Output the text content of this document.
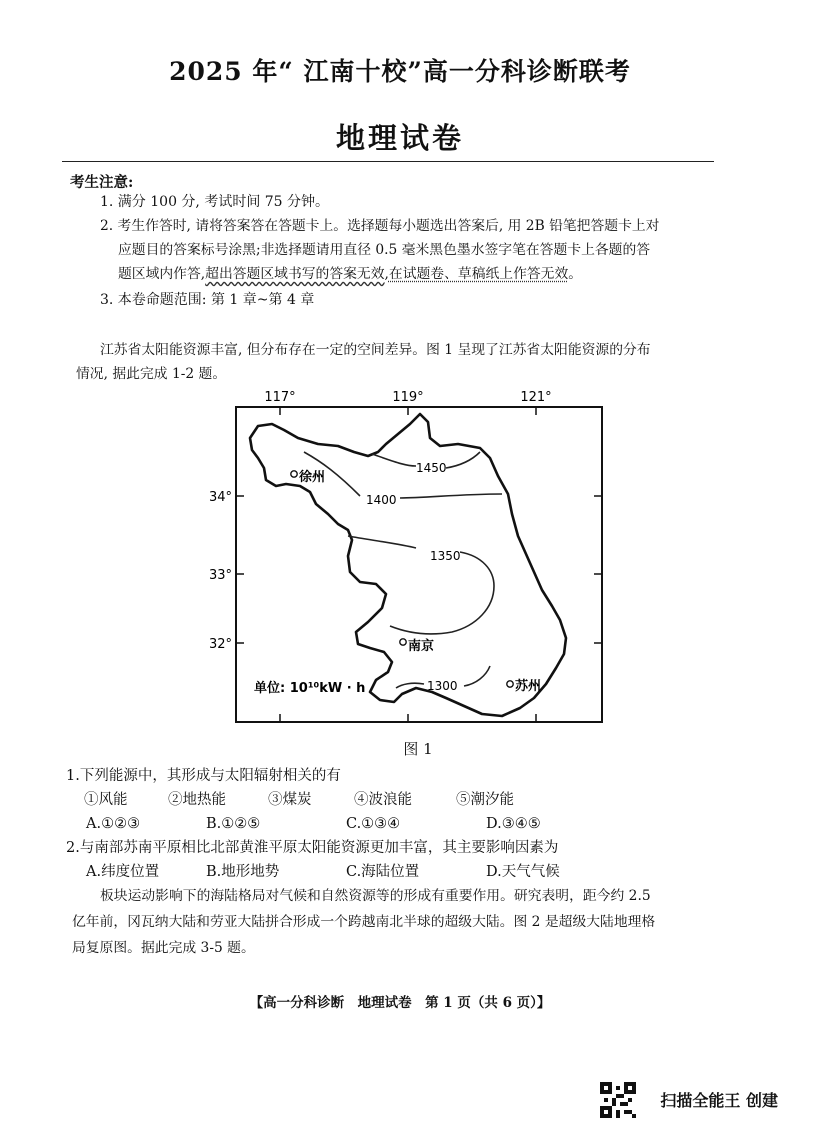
2025 年“ 江南十校”高一分科诊断联考
地理试卷
考生注意:
1. 满分 100 分, 考试时间 75 分钟。
2. 考生作答时, 请将答案答在答题卡上。选择题每小题选出答案后, 用 2B 铅笔把答题卡上对
应题目的答案标号涂黑;非选择题请用直径 0.5 毫米黑色墨水签字笔在答题卡上各题的答
题区域内作答,超出答题区域书写的答案无效,在试题卷、草稿纸上作答无效。
3. 本卷命题范围: 第 1 章~第 4 章
江苏省太阳能资源丰富, 但分布存在一定的空间差异。图 1 呈现了江苏省太阳能资源的分布
情况, 据此完成 1-2 题。
117°	119°	121°
34°
33°
32°
1450
1400
1350
1300
徐州
南京
苏州
单位: 10¹⁰kW · h
图 1
1.下列能源中，其形成与太阳辐射相关的有
①风能	②地热能	③煤炭	④波浪能	⑤潮汐能
A.①②③	B.①②⑤	C.①③④	D.③④⑤
2.与南部苏南平原相比北部黄淮平原太阳能资源更加丰富，其主要影响因素为
A.纬度位置	B.地形地势	C.海陆位置	D.天气气候
板块运动影响下的海陆格局对气候和自然资源等的形成有重要作用。研究表明，距今约 2.5
亿年前，冈瓦纳大陆和劳亚大陆拼合形成一个跨越南北半球的超级大陆。图 2 是超级大陆地理格
局复原图。据此完成 3-5 题。
【高一分科诊断　地理试卷　第 1 页（共 6 页）】
扫描全能王 创建
